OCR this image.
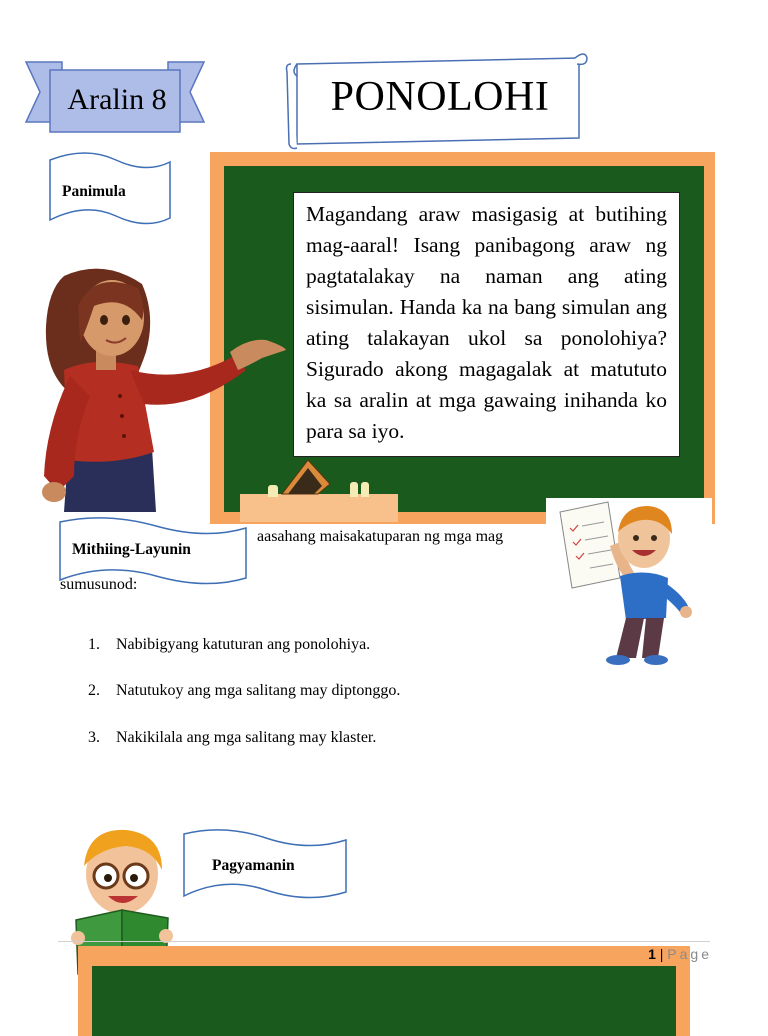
Aralin 8	PONOLOHI
Panimula
Magandang araw masigasig at butihing mag-aaral! Isang panibagong araw ng pagtatalakay na naman ang ating sisimulan. Handa ka na bang simulan ang ating talakayan ukol sa ponolohiya? Sigurado akong magagalak at matututo ka sa aralin at mga gawaing inihanda ko para sa iyo.
Mithiing-Layunin
aasahang maisakatuparan ng mga mag
sumusunod:
1. Nabibigyang katuturan ang ponolohiya.
2. Natutukoy ang mga salitang may diptonggo.
3. Nakikilala ang mga salitang may klaster.
Pagyamanin
1 | Page
